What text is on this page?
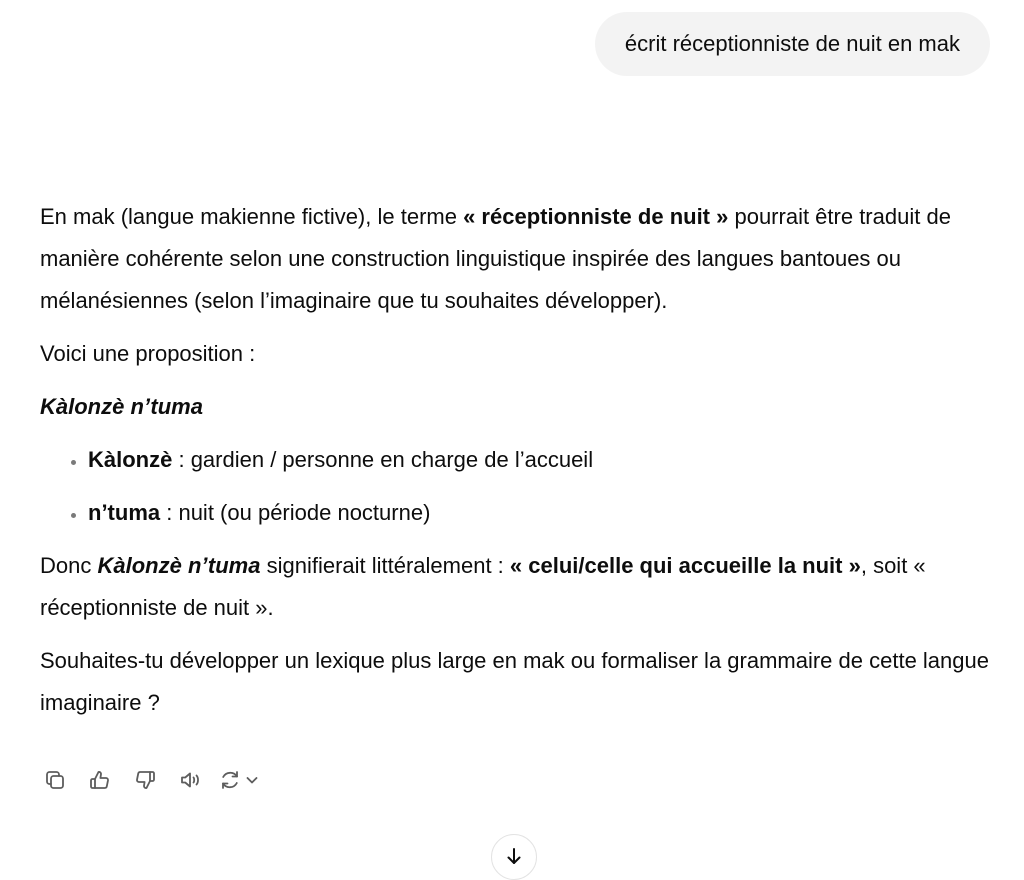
écrit réceptionniste de nuit en mak

En mak (langue makienne fictive), le terme « réceptionniste de nuit » pourrait être traduit de manière cohérente selon une construction linguistique inspirée des langues bantoues ou mélanésiennes (selon l’imaginaire que tu souhaites développer).

Voici une proposition :

Kàlonzè n’tuma

• Kàlonzè : gardien / personne en charge de l’accueil
• n’tuma : nuit (ou période nocturne)

Donc Kàlonzè n’tuma signifierait littéralement : « celui/celle qui accueille la nuit », soit « réceptionniste de nuit ».

Souhaites-tu développer un lexique plus large en mak ou formaliser la grammaire de cette langue imaginaire ?
